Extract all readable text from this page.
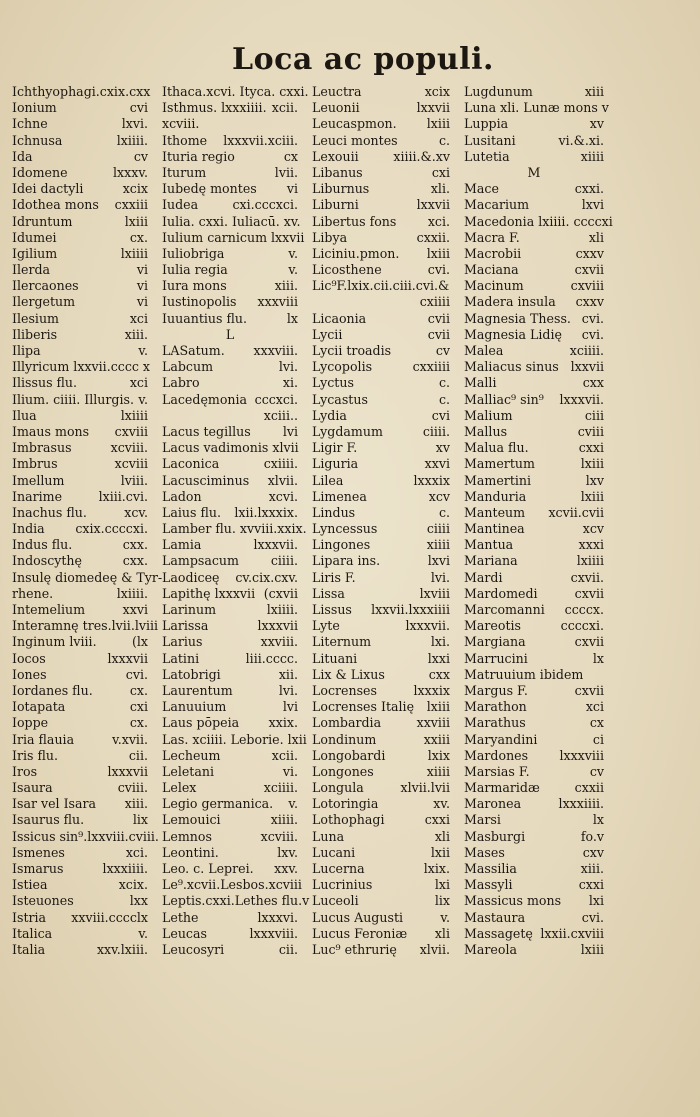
Loca ac populi.
Ichthyophagi.cxix.cxx
Ionium	cvi
Ichne	lxvi.
Ichnusa	lxiiii.
Ida	cv
Idomene	lxxxv.
Idei dactyli	xcix
Idothea mons	cxxiii
Idruntum	lxiii
Idumei	cx.
Igilium	lxiiii
Ilerda	vi
Ilercaones	vi
Ilergetum	vi
Ilesium	xci
Iliberis	xiii.
Ilipa	v.
Illyricum lxxvii.cccc x
Ilissus flu.	xci
Ilium. ciiii. Illurgis. v.
Ilua	lxiiii
Imaus mons	cxviii
Imbrasus	xcviii.
Imbrus	xcviii
Imellum	lviii.
Inarime	lxiii.cvi.
Inachus flu.	xcv.
India	cxix.ccccxi.
Indus flu.	cxx.
Indoscythę	cxx.
Insulę diomedeę & Tyr-
rhene.	lxiiii.
Intemelium	xxvi
Interamnę tres.lvii.lviii
Inginum lviii.	(lx
Iocos	lxxxvii
Iones	cvi.
Iordanes flu.	cx.
Iotapata	cxi
Ioppe	cx.
Iria flauia	v.xvii.
Iris flu.	cii.
Iros	lxxxvii
Isaura	cviii.
Isar vel Isara	xiii.
Isaurus flu.	lix
Issicus sin⁹.lxxviii.cviii.
Ismenes	xci.
Ismarus	lxxxiiii.
Istiea	xcix.
Isteuones	lxx
Istria	xxviii.cccclx
Italica	v.
Italia	xxv.lxiii.
Ithaca.xcvi. Ityca. cxxi.
Isthmus. lxxxiiii. xcii.
xcviii.
Ithome	lxxxvii.xciii.
Ituria regio	cx
Iturum	lvii.
Iubedę montes	vi
Iudea	cxi.cccxci.
Iulia. cxxi. Iuliacū. xv.
Iulium carnicum lxxvii
Iuliobriga	v.
Iulia regia	v.
Iura mons	xiii.
Iustinopolis	xxxviii
Iuuantius flu.	lx
L
LASatum.	xxxviii.
Labcum	lvi.
Labro	xi.
Lacedęmonia cccxci.
xciii..
Lacus tegillus	lvi
Lacus vadimonis xlvii
Laconica	cxiiii.
Lacusciminus	xlvii.
Ladon	xcvi.
Laius flu.	lxii.lxxxix.
Lamber flu. xvviii.xxix.
Lamia	lxxxvii.
Lampsacum	ciiii.
Laodiceę	cv.cix.cxv.
Lapithę lxxxvii (cxvii
Larinum	lxiiii.
Larissa	lxxxvii
Larius	xxviii.
Latini	liii.cccc.
Latobrigi	xii.
Laurentum	lvi.
Lanuuium	lvi
Laus pōpeia	xxix.
Las. xciiii. Leborie. lxii
Lecheum	xcii.
Leletani	vi.
Lelex	xciiii.
Legio germanica.	v.
Lemouici	xiiii.
Lemnos	xcviii.
Leontini.	lxv.
Leo. c. Leprei.	xxv.
Le⁹.xcvii.Lesbos.xcviii
Leptis.cxxi.Lethes flu.v
Lethe	lxxxvi.
Leucas	lxxxviii.
Leucosyri	cii.
Leuctra	xcix
Leuonii	lxxvii
Leucaspmon.	lxiii
Leuci montes	c.
Lexouii	xiiii.&.xv
Libanus	cxi
Liburnus	xli.
Liburni	lxxvii
Libertus fons	xci.
Libya	cxxii.
Liciniu.pmon.	lxiii
Licosthene	cvi.
Lic⁹F.lxix.cii.ciii.cvi.&
cxiiii
Licaonia	cvii
Lycii	cvii
Lycii troadis	cv
Lycopolis	cxxiiii
Lyctus	c.
Lycastus	c.
Lydia	cvi
Lygdamum	ciiii.
Ligir F.	xv
Liguria	xxvi
Lilea	lxxxix
Limenea	xcv
Lindus	c.
Lyncessus	ciiii
Lingones	xiiii
Lipara ins.	lxvi
Liris F.	lvi.
Lissa	lxviii
Lissus	lxxvii.lxxxiiii
Lyte	lxxxvii.
Liternum	lxi.
Lituani	lxxi
Lix & Lixus	cxx
Locrenses	lxxxix
Locrenses Italię	lxiii
Lombardia	xxviii
Londinum	xxiii
Longobardi	lxix
Longones	xiiii
Longula	xlvii.lvii
Lotoringia	xv.
Lothophagi	cxxi
Luna	xli
Lucani	lxii
Lucerna	lxix.
Lucrinius	lxi
Luceoli	lix
Lucus Augusti	v.
Lucus Feroniæ	xli
Luc⁹ ethrurię	xlvii.
Lugdunum	xiii
Luna xli. Lunæ mons v
Luppia	xv
Lusitani	vi.&.xi.
Lutetia	xiiii
M
Mace	cxxi.
Macarium	lxvi
Macedonia lxiiii. ccccxi
Macra F.	xli
Macrobii	cxxv
Maciana	cxvii
Macinum	cxviii
Madera insula	cxxv
Magnesia Thess. cvi.
Magnesia Lidię	cvi.
Malea	xciiii.
Maliacus sinus lxxvii
Malli	cxx
Malliac⁹ sin⁹	lxxxvii.
Malium	ciii
Mallus	cviii
Malua flu.	cxxi
Mamertum	lxiii
Mamertini	lxv
Manduria	lxiii
Manteum	xcvii.cvii
Mantinea	xcv
Mantua	xxxi
Mariana	lxiiii
Mardi	cxvii.
Mardomedi	cxvii
Marcomanni	ccccx.
Mareotis	ccccxi.
Margiana	cxvii
Marrucini	lx
Matruuium ibidem
Margus F.	cxvii
Marathon	xci
Marathus	cx
Maryandini	ci
Mardones	lxxxviii
Marsias F.	cv
Marmaridæ	cxxii
Maronea	lxxxiiii.
Marsi	lx
Masburgi	fo.v
Mases	cxv
Massilia	xiii.
Massyli	cxxi
Massicus mons	lxi
Mastaura	cvi.
Massagetę lxxii.cxviii
Mareola	lxiii
